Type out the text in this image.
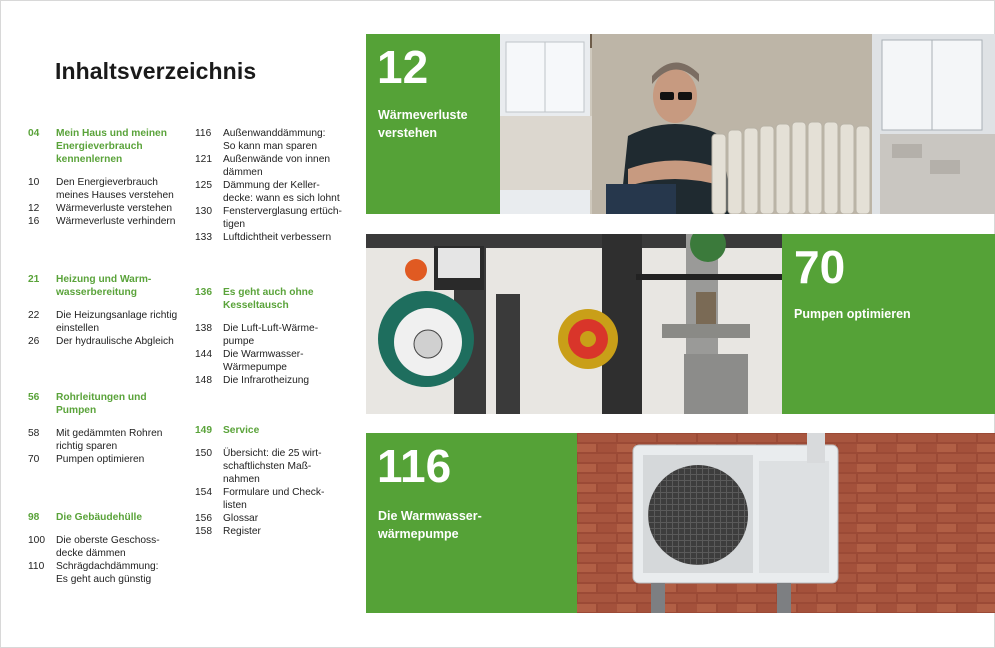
Inhaltsverzeichnis
04	Mein Haus und meinen
Energieverbrauch
kennenlernen
10	Den Energieverbrauch
meines Hauses verstehen
12	Wärmeverluste verstehen
16	Wärmeverluste verhindern
21	Heizung und Warm-
wasserbereitung
22	Die Heizungsanlage richtig
einstellen
26	Der hydraulische Abgleich
56	Rohrleitungen und
Pumpen
58	Mit gedämmten Rohren
richtig sparen
70	Pumpen optimieren
98	Die Gebäudehülle
100	Die oberste Geschoss-
decke dämmen
110	Schrägdachdämmung:
Es geht auch günstig
116	Außenwanddämmung:
So kann man sparen
121	Außenwände von innen
dämmen
125	Dämmung der Keller-
decke: wann es sich lohnt
130	Fensterverglasung ertüch-
tigen
133	Luftdichtheit verbessern
136	Es geht auch ohne
Kesseltausch
138	Die Luft-Luft-Wärme-
pumpe
144	Die Warmwasser-
Wärmepumpe
148	Die Infrarotheizung
149	Service
150	Übersicht: die 25 wirt-
schaftlichsten Maß-
nahmen
154	Formulare und Check-
listen
156	Glossar
158	Register
12
Wärmeverluste
verstehen
70
Pumpen optimieren
116
Die Warmwasser-
wärmepumpe
